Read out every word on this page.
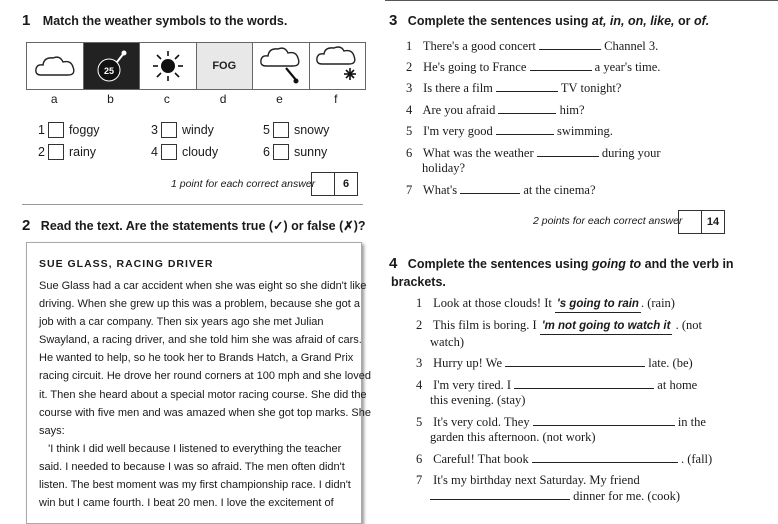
1 Match the weather symbols to the words.
25	FOG
a	b	c	d	e	f
1 foggy	3 windy	5 snowy
2 rainy	4 cloudy	6 sunny
1 point for each correct answer	6
2 Read the text. Are the statements true (✓) or false (✗)?
SUE GLASS, RACING DRIVER
Sue Glass had a car accident when she was eight so she didn't like
driving. When she grew up this was a problem, because she got a
job with a car company. Then six years ago she met Julian
Swayland, a racing driver, and she told him she was afraid of cars.
He wanted to help, so he took her to Brands Hatch, a Grand Prix
racing circuit. He drove her round corners at 100 mph and she loved
it. Then she heard about a special motor racing course. She did the
course with five men and was amazed when she got top marks. She
says:
'I think I did well because I listened to everything the teacher
said. I needed to because I was so afraid. The men often didn't
listen. The best moment was my first championship race. I didn't
win but I came fourth. I beat 20 men. I love the excitement of
3 Complete the sentences using at, in, on, like, or of.
1 There's a good concert	Channel 3.
2 He's going to France	a year's time.
3 Is there a film	TV tonight?
4 Are you afraid	him?
5 I'm very good	swimming.
6 What was the weather	during your
holiday?
7 What's	at the cinema?
2 points for each correct answer	14
4 Complete the sentences using going to and the verb in
brackets.
1 Look at those clouds! It 's going to rain . (rain)
2 This film is boring. I 'm not going to watch it . (not
watch)
3 Hurry up! We	late. (be)
4 I'm very tired. I	at home
this evening. (stay)
5 It's very cold. They	in the
garden this afternoon. (not work)
6 Careful! That book	. (fall)
7 It's my birthday next Saturday. My friend
dinner for me. (cook)
